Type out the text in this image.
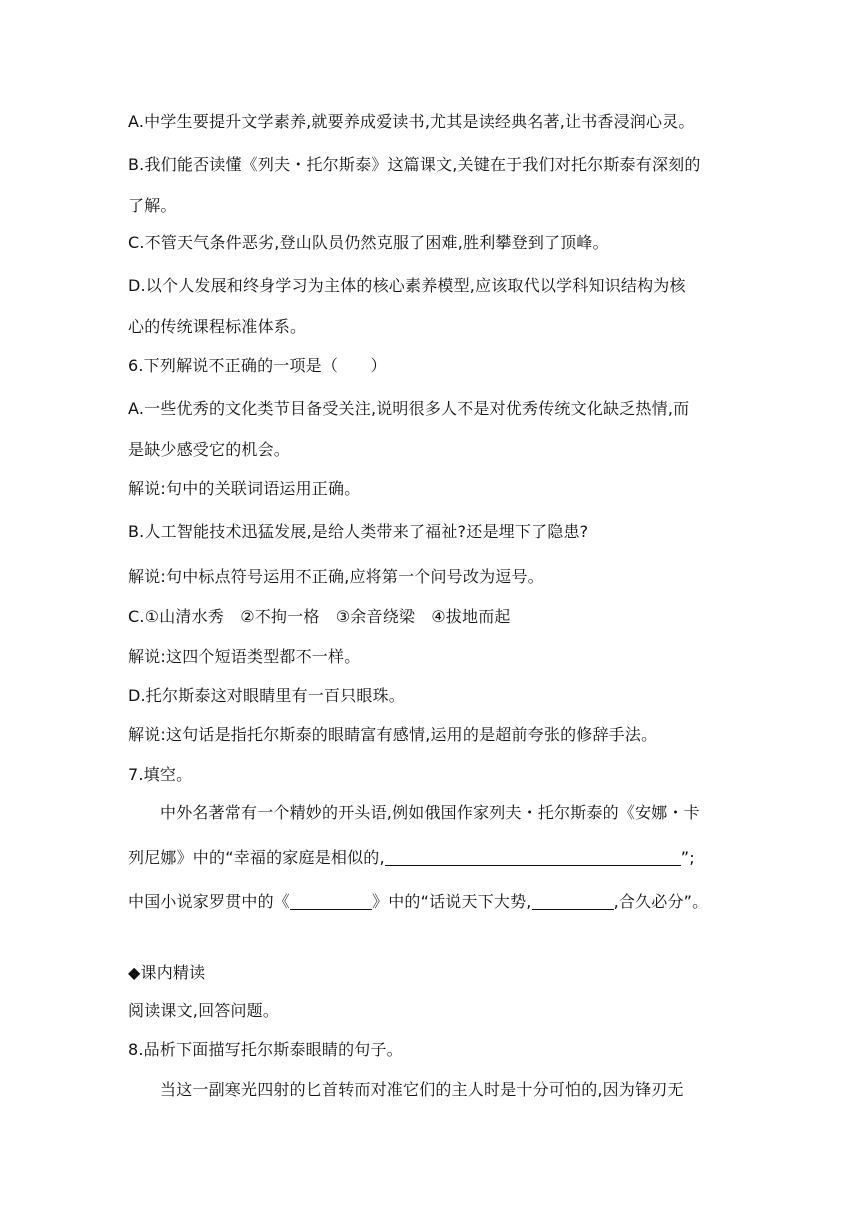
A.中学生要提升文学素养,就要养成爱读书,尤其是读经典名著,让书香浸润心灵。
B.我们能否读懂《列夫・托尔斯泰》这篇课文,关键在于我们对托尔斯泰有深刻的
了解。
C.不管天气条件恶劣,登山队员仍然克服了困难,胜利攀登到了顶峰。
D.以个人发展和终身学习为主体的核心素养模型,应该取代以学科知识结构为核
心的传统课程标准体系。
6.下列解说不正确的一项是（　　）
A.一些优秀的文化类节目备受关注,说明很多人不是对优秀传统文化缺乏热情,而
是缺少感受它的机会。
解说:句中的关联词语运用正确。
B.人工智能技术迅猛发展,是给人类带来了福祉?还是埋下了隐患?
解说:句中标点符号运用不正确,应将第一个问号改为逗号。
C.①山清水秀　②不拘一格　③余音绕梁　④拔地而起
解说:这四个短语类型都不一样。
D.托尔斯泰这对眼睛里有一百只眼珠。
解说:这句话是指托尔斯泰的眼睛富有感情,运用的是超前夸张的修辞手法。
7.填空。
中外名著常有一个精妙的开头语,例如俄国作家列夫・托尔斯泰的《安娜・卡
列尼娜》中的“幸福的家庭是相似的,	”;
中国小说家罗贯中的《	》中的“话说天下大势,	,合久必分”。
◆课内精读
阅读课文,回答问题。
8.品析下面描写托尔斯泰眼睛的句子。
当这一副寒光四射的匕首转而对准它们的主人时是十分可怕的,因为锋刃无
